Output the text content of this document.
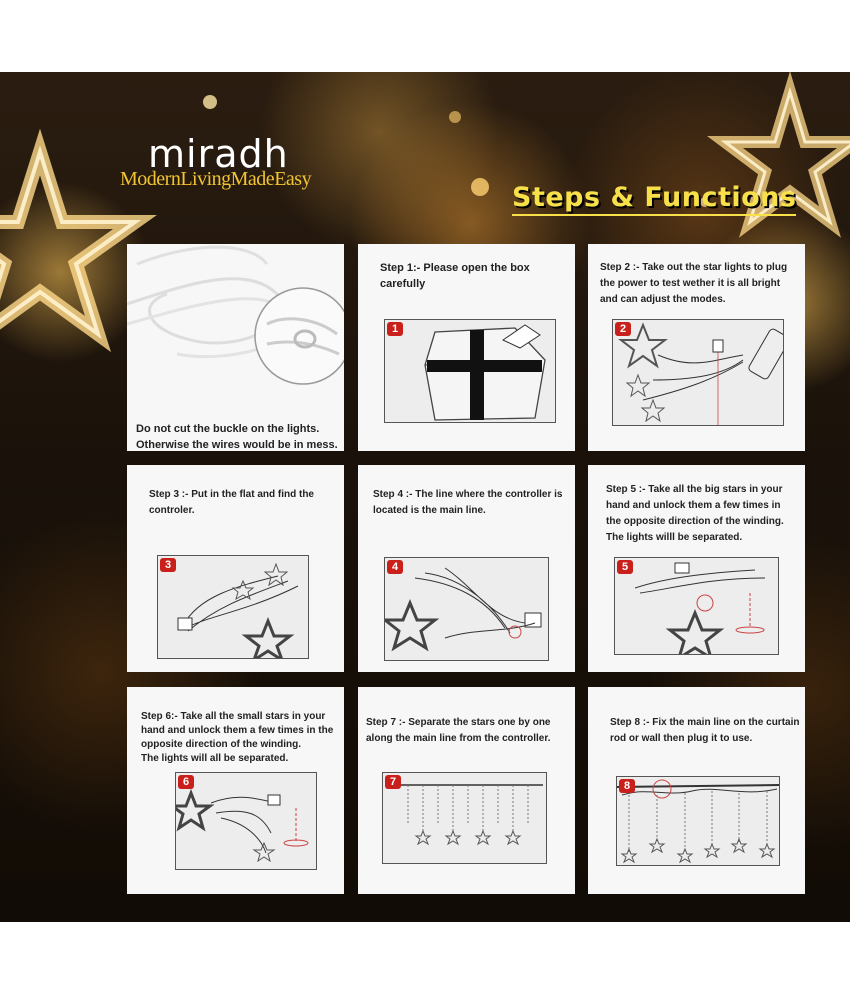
miradh
ModernLivingMadeEasy
Steps & Functions
Do not cut the buckle on the lights.
Otherwise the wires would be in mess.
Step 1:- Please open the box
carefully
1
Step 2 :- Take out the star lights to plug
the power to test wether it is all bright
and can adjust the modes.
2
Step 3 :- Put in the flat and find the
controler.
3
Step 4 :- The line where the controller is
located is the main line.
4
Step 5 :- Take all the big stars in your
hand and unlock them a few times in
the opposite direction of the winding.
The lights willl be separated.
5
Step 6:- Take all the small stars in your
hand and unlock them a few times in the
opposite direction of the winding.
The lights will all be separated.
6
Step 7 :- Separate the stars one by one
along the main line from the controller.
7
Step 8 :- Fix the main line on the curtain
rod or wall then plug it to use.
8
